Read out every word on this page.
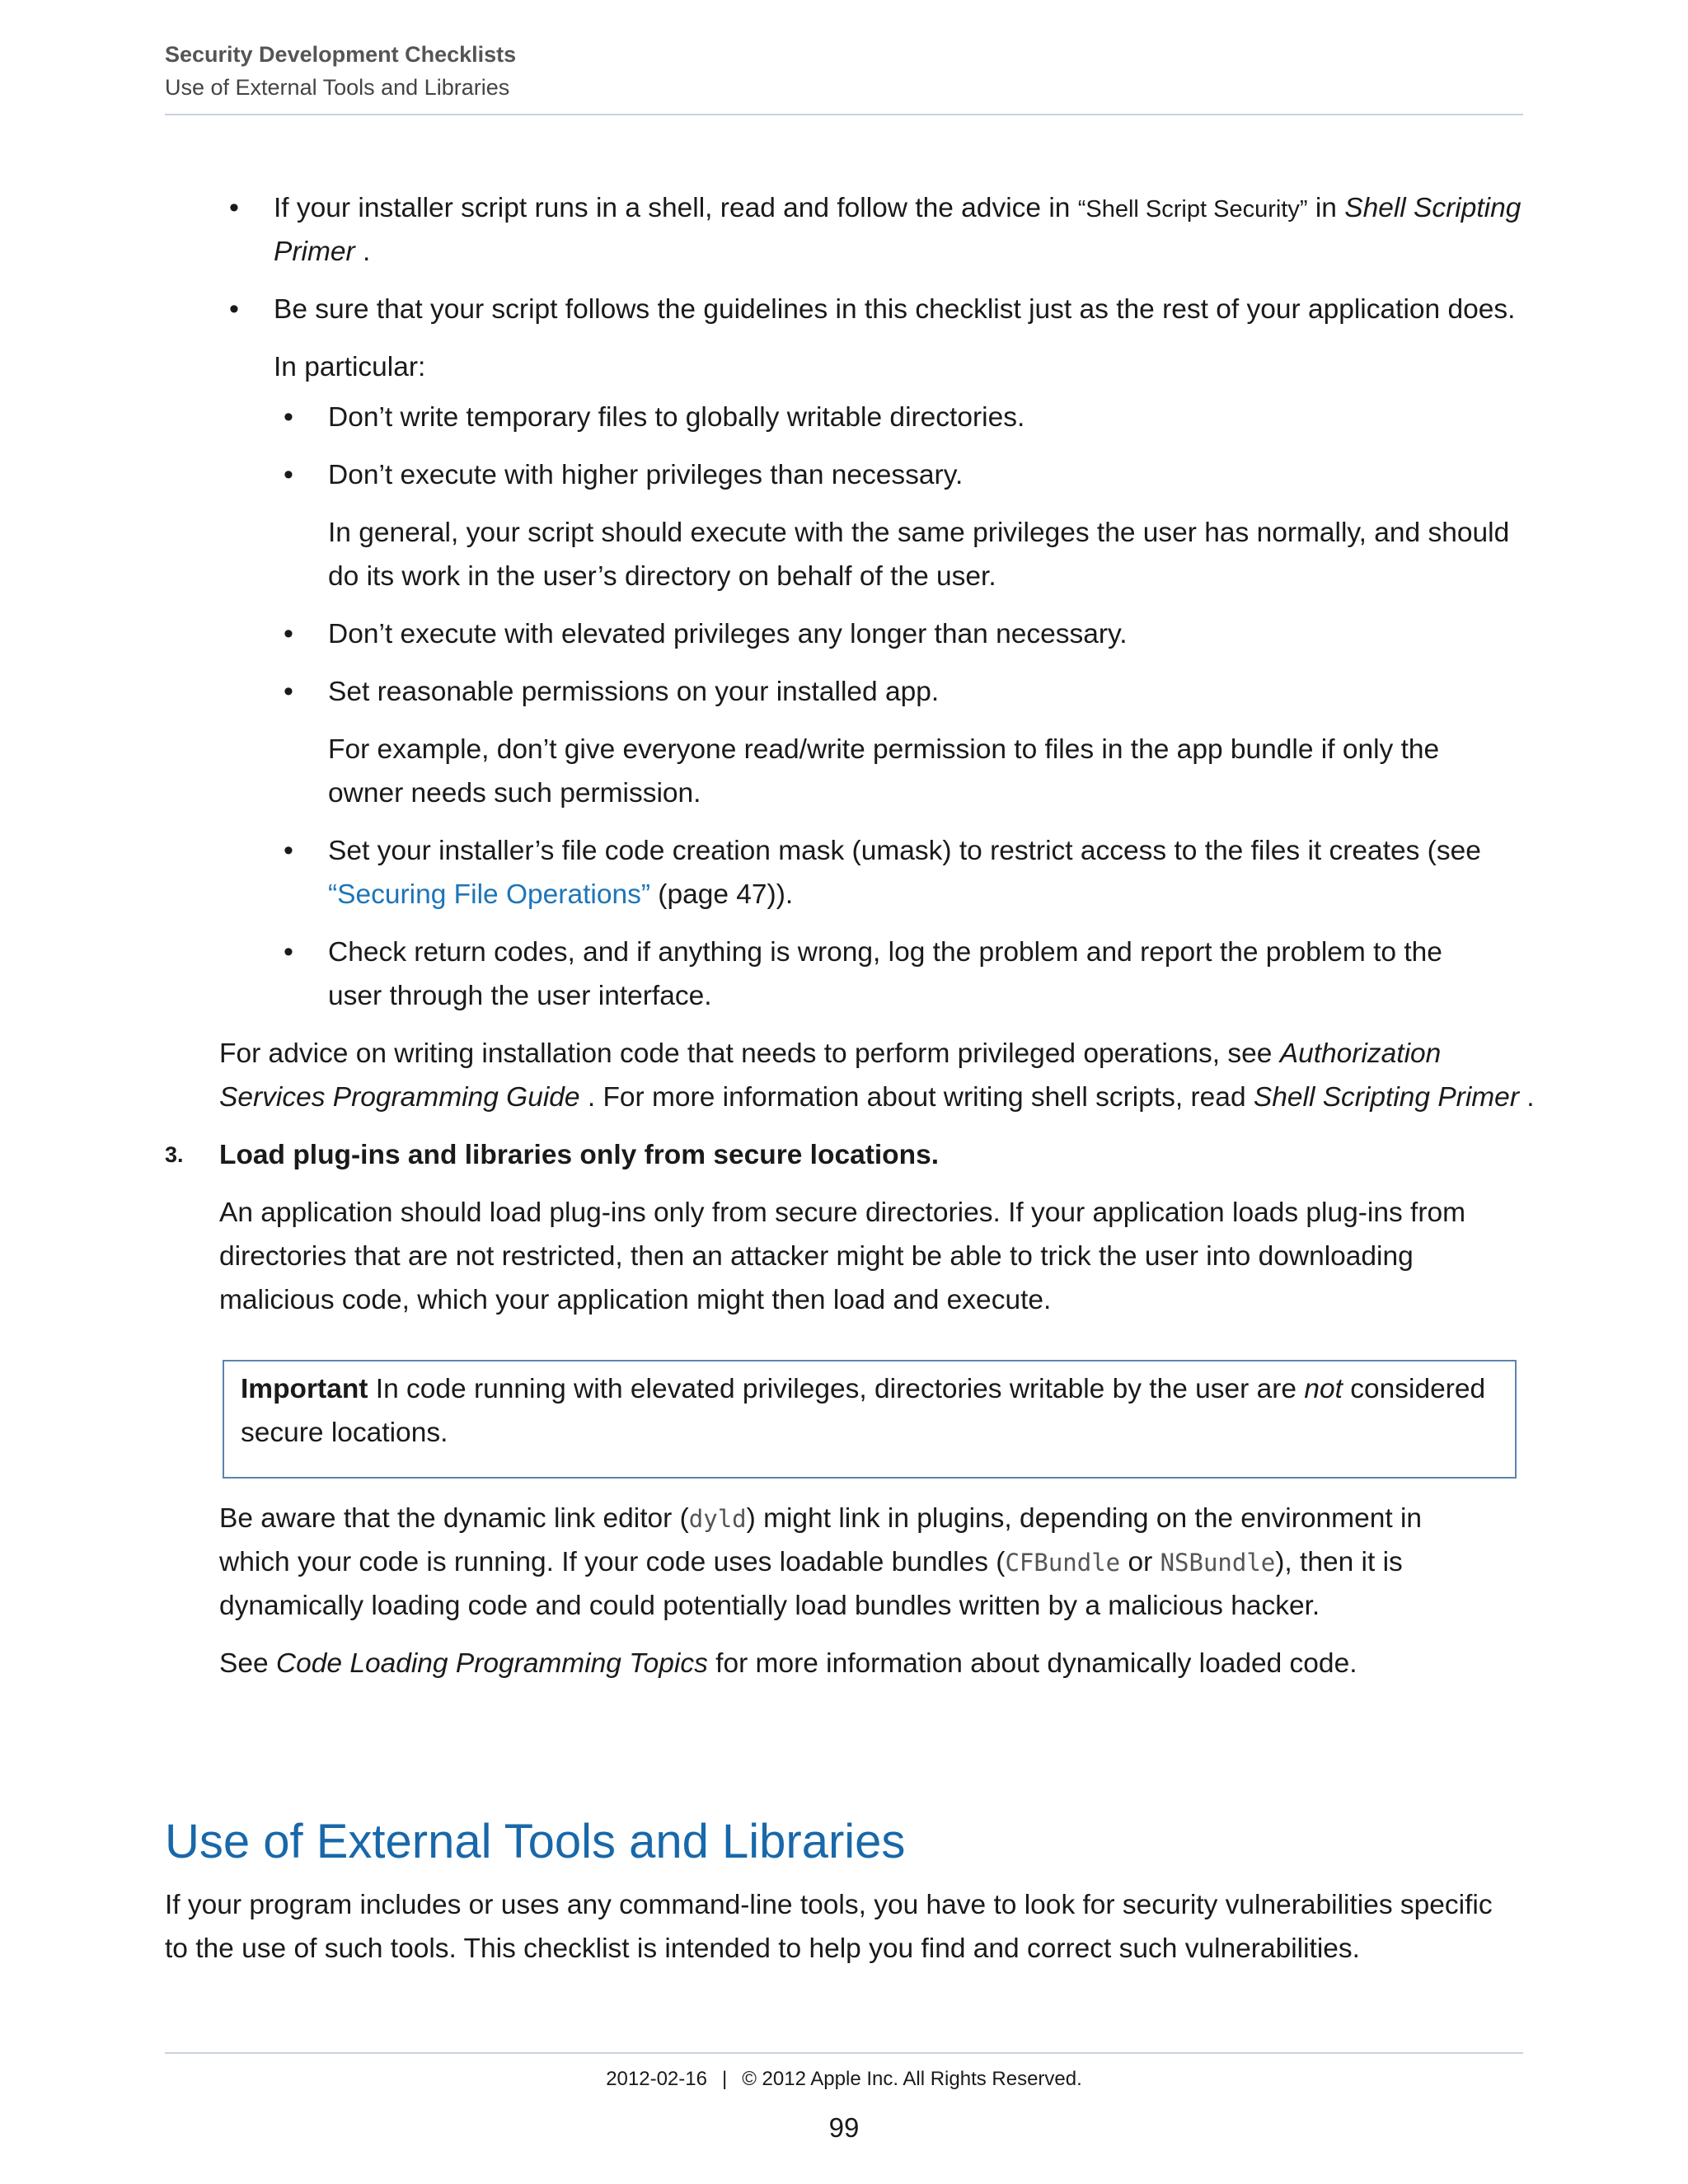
Security Development Checklists
Use of External Tools and Libraries
• If your installer script runs in a shell, read and follow the advice in “Shell Script Security” in Shell Scripting

Primer .

• Be sure that your script follows the guidelines in this checklist just as the rest of your application does.

In particular:

• Don’t write temporary files to globally writable directories.

• Don’t execute with higher privileges than necessary.

In general, your script should execute with the same privileges the user has normally, and should

do its work in the user’s directory on behalf of the user.

• Don’t execute with elevated privileges any longer than necessary.

• Set reasonable permissions on your installed app.

For example, don’t give everyone read/write permission to files in the app bundle if only the

owner needs such permission.

• Set your installer’s file code creation mask (umask) to restrict access to the files it creates (see

“Securing File Operations” (page 47)).

• Check return codes, and if anything is wrong, log the problem and report the problem to the

user through the user interface.

For advice on writing installation code that needs to perform privileged operations, see Authorization

Services Programming Guide . For more information about writing shell scripts, read Shell Scripting Primer .

3. Load plug-ins and libraries only from secure locations.

An application should load plug-ins only from secure directories. If your application loads plug-ins from

directories that are not restricted, then an attacker might be able to trick the user into downloading

malicious code, which your application might then load and execute.

Important In code running with elevated privileges, directories writable by the user are not considered

secure locations.

Be aware that the dynamic link editor (dyld) might link in plugins, depending on the environment in

which your code is running. If your code uses loadable bundles (CFBundle or NSBundle), then it is

dynamically loading code and could potentially load bundles written by a malicious hacker.

See Code Loading Programming Topics for more information about dynamically loaded code.

Use of External Tools and Libraries

If your program includes or uses any command-line tools, you have to look for security vulnerabilities specific

to the use of such tools. This checklist is intended to help you find and correct such vulnerabilities.

2012-02-16 | © 2012 Apple Inc. All Rights Reserved.
99
